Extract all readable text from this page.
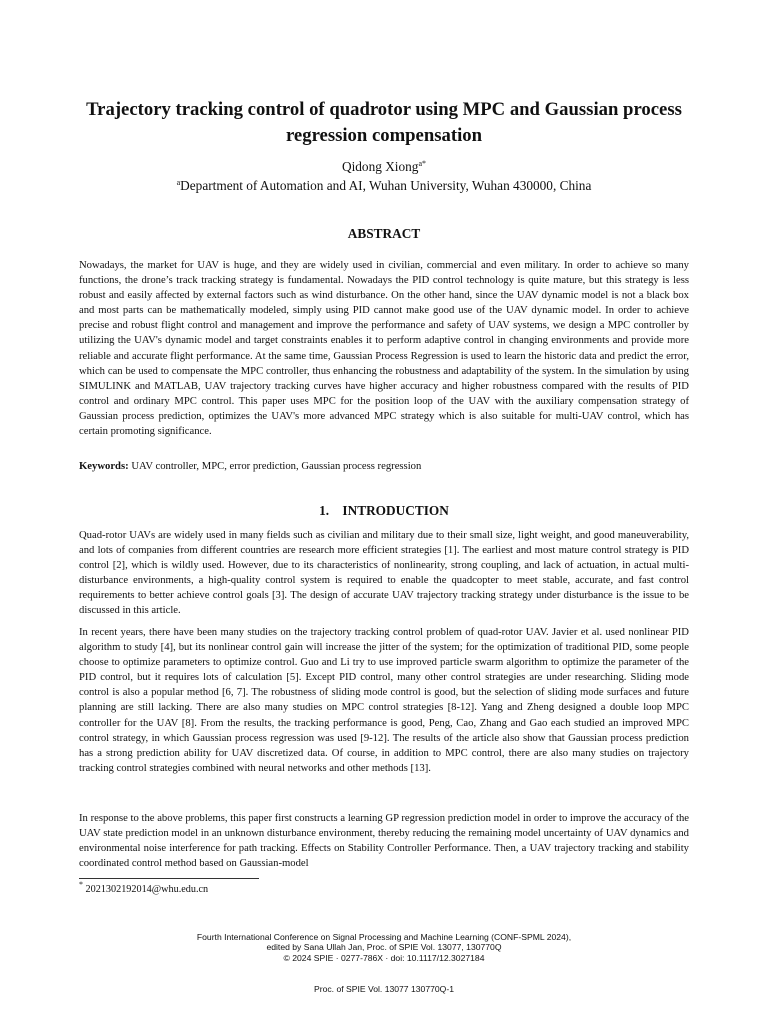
Trajectory tracking control of quadrotor using MPC and Gaussian process regression compensation
Qidong Xiong$^{a*}$
$^a$Department of Automation and AI, Wuhan University, Wuhan 430000, China
ABSTRACT

Nowadays, the market for UAV is huge, and they are widely used in civilian, commercial and even military. In order to achieve so many functions, the drone’s track tracking strategy is fundamental. Nowadays the PID control technology is quite mature, but this strategy is less robust and easily affected by external factors such as wind disturbance. On the other hand, since the UAV dynamic model is not a black box and most parts can be mathematically modeled, simply using PID cannot make good use of the UAV dynamic model. In order to achieve precise and robust flight control and management and improve the performance and safety of UAV systems, we design a MPC controller by utilizing the UAV's dynamic model and target constraints enables it to perform adaptive control in changing environments and provide more reliable and accurate flight performance. At the same time, Gaussian Process Regression is used to learn the historic data and predict the error, which can be used to compensate the MPC controller, thus enhancing the robustness and adaptability of the system. In the simulation by using SIMULINK and MATLAB, UAV trajectory tracking curves have higher accuracy and higher robustness compared with the results of PID control and ordinary MPC control. This paper uses MPC for the position loop of the UAV with the auxiliary compensation strategy of Gaussian process prediction, optimizes the UAV's more advanced MPC strategy which is also suitable for multi-UAV control, which has certain promoting significance.

Keywords: UAV controller, MPC, error prediction, Gaussian process regression

1. INTRODUCTION

Quad-rotor UAVs are widely used in many fields such as civilian and military due to their small size, light weight, and good maneuverability, and lots of companies from different countries are research more efficient strategies [1]. The earliest and most mature control strategy is PID control [2], which is wildly used. However, due to its characteristics of nonlinearity, strong coupling, and lack of actuation, in actual multi-disturbance environments, a high-quality control system is required to enable the quadcopter to meet stable, accurate, and fast control requirements to better achieve control goals [3]. The design of accurate UAV trajectory tracking strategy under disturbance is the issue to be discussed in this article.

In recent years, there have been many studies on the trajectory tracking control problem of quad-rotor UAV. Javier et al. used nonlinear PID algorithm to study [4], but its nonlinear control gain will increase the jitter of the system; for the optimization of traditional PID, some people choose to optimize parameters to optimize control. Guo and Li try to use improved particle swarm algorithm to optimize the parameter of the PID control, but it requires lots of calculation [5]. Except PID control, many other control strategies are under researching. Sliding mode control is also a popular method [6, 7]. The robustness of sliding mode control is good, but the selection of sliding mode surfaces and future planning are still lacking. There are also many studies on MPC control strategies [8-12]. Yang and Zheng designed a double loop MPC controller for the UAV [8]. From the results, the tracking performance is good, Peng, Cao, Zhang and Gao each studied an improved MPC control strategy, in which Gaussian process regression was used [9-12]. The results of the article also show that Gaussian process prediction has a strong prediction ability for UAV discretized data. Of course, in addition to MPC control, there are also many studies on trajectory tracking control strategies combined with neural networks and other methods [13].

In response to the above problems, this paper first constructs a learning GP regression prediction model in order to improve the accuracy of the UAV state prediction model in an unknown disturbance environment, thereby reducing the remaining model uncertainty of UAV dynamics and environmental noise interference for path tracking. Effects on Stability Controller Performance. Then, a UAV trajectory tracking and stability coordinated control method based on Gaussian-model

* 2021302192014@whu.edu.cn
Fourth International Conference on Signal Processing and Machine Learning (CONF-SPML 2024),
edited by Sana Ullah Jan, Proc. of SPIE Vol. 13077, 130770Q
© 2024 SPIE · 0277-786X · doi: 10.1117/12.3027184
Proc. of SPIE Vol. 13077 130770Q-1
